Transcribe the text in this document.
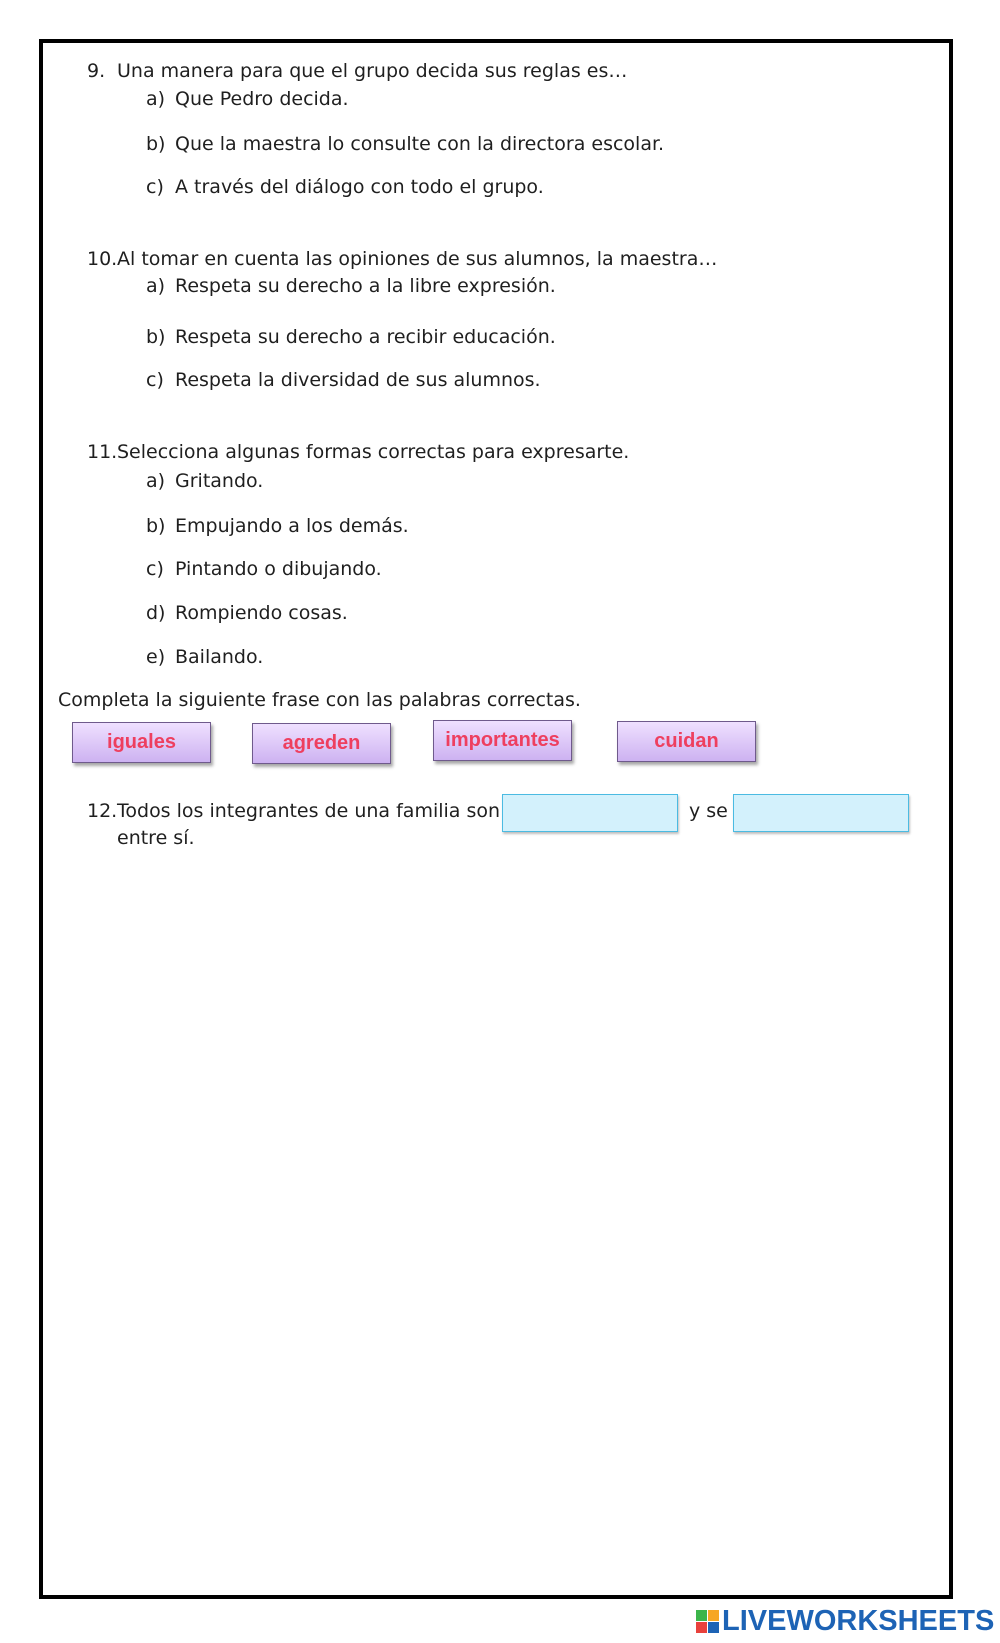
9. Una manera para que el grupo decida sus reglas es…
a) Que Pedro decida.
b) Que la maestra lo consulte con la directora escolar.
c) A través del diálogo con todo el grupo.
10. Al tomar en cuenta las opiniones de sus alumnos, la maestra…
a) Respeta su derecho a la libre expresión.
b) Respeta su derecho a recibir educación.
c) Respeta la diversidad de sus alumnos.
11. Selecciona algunas formas correctas para expresarte.
a) Gritando.
b) Empujando a los demás.
c) Pintando o dibujando.
d) Rompiendo cosas.
e) Bailando.
Completa la siguiente frase con las palabras correctas.
iguales	agreden	importantes	cuidan
12. Todos los integrantes de una familia son	y se
entre sí.
LIVEWORKSHEETS
